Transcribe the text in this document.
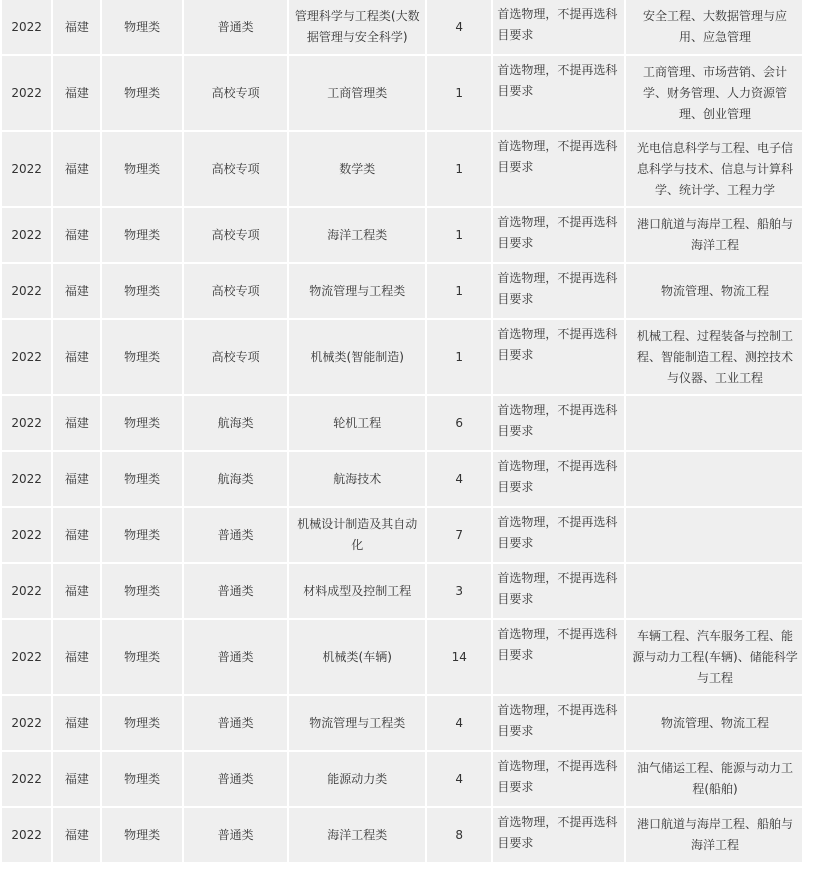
2022	福建	物理类	普通类	管理科学与工程类(大数据管理与安全科学)	4	首选物理，不提再选科目要求	安全工程、大数据管理与应用、应急管理
2022	福建	物理类	高校专项	工商管理类	1	首选物理，不提再选科目要求	工商管理、市场营销、会计学、财务管理、人力资源管理、创业管理
2022	福建	物理类	高校专项	数学类	1	首选物理，不提再选科目要求	光电信息科学与工程、电子信息科学与技术、信息与计算科学、统计学、工程力学
2022	福建	物理类	高校专项	海洋工程类	1	首选物理，不提再选科目要求	港口航道与海岸工程、船舶与海洋工程
2022	福建	物理类	高校专项	物流管理与工程类	1	首选物理，不提再选科目要求	物流管理、物流工程
2022	福建	物理类	高校专项	机械类(智能制造)	1	首选物理，不提再选科目要求	机械工程、过程装备与控制工程、智能制造工程、测控技术与仪器、工业工程
2022	福建	物理类	航海类	轮机工程	6	首选物理，不提再选科目要求	
2022	福建	物理类	航海类	航海技术	4	首选物理，不提再选科目要求	
2022	福建	物理类	普通类	机械设计制造及其自动化	7	首选物理，不提再选科目要求	
2022	福建	物理类	普通类	材料成型及控制工程	3	首选物理，不提再选科目要求	
2022	福建	物理类	普通类	机械类(车辆)	14	首选物理，不提再选科目要求	车辆工程、汽车服务工程、能源与动力工程(车辆)、储能科学与工程
2022	福建	物理类	普通类	物流管理与工程类	4	首选物理，不提再选科目要求	物流管理、物流工程
2022	福建	物理类	普通类	能源动力类	4	首选物理，不提再选科目要求	油气储运工程、能源与动力工程(船舶)
2022	福建	物理类	普通类	海洋工程类	8	首选物理，不提再选科目要求	港口航道与海岸工程、船舶与海洋工程
